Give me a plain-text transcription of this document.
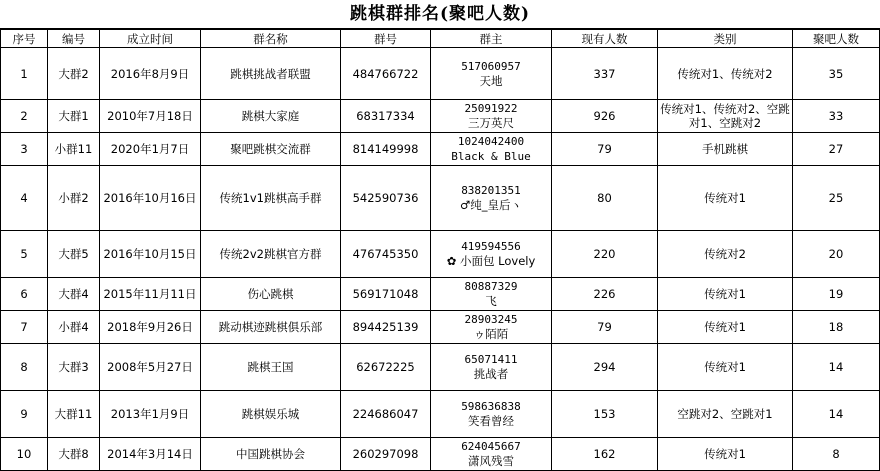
跳棋群排名(聚吧人数)
序号	编号	成立时间	群名称	群号	群主	现有人数	类别	聚吧人数
1	大群2	2016年8月9日	跳棋挑战者联盟	484766722	517060957
天地	337	传统对1、传统对2	35
2	大群1	2010年7月18日	跳棋大家庭	68317334	25091922
三万英尺	926	传统对1、传统对2、空跳对1、空跳对2	33
3	小群11	2020年1月7日	聚吧跳棋交流群	814149998	1024042400
Black & Blue	79	手机跳棋	27
4	小群2	2016年10月16日	传统1v1跳棋高手群	542590736	838201351
♂纯_皇后ヽ	80	传统对1	25
5	大群5	2016年10月15日	传统2v2跳棋官方群	476745350	419594556
✿ 小面包 Lovely	220	传统对2	20
6	大群4	2015年11月11日	伤心跳棋	569171048	80887329
飞	226	传统对1	19
7	小群4	2018年9月26日	跳动棋迹跳棋俱乐部	894425139	28903245
ゥ陌陌	79	传统对1	18
8	大群3	2008年5月27日	跳棋王国	62672225	65071411
挑战者	294	传统对1	14
9	大群11	2013年1月9日	跳棋娱乐城	224686047	598636838
笑看曾经	153	空跳对2、空跳对1	14
10	大群8	2014年3月14日	中国跳棋协会	260297098	624045667
潇风残雪	162	传统对1	8
